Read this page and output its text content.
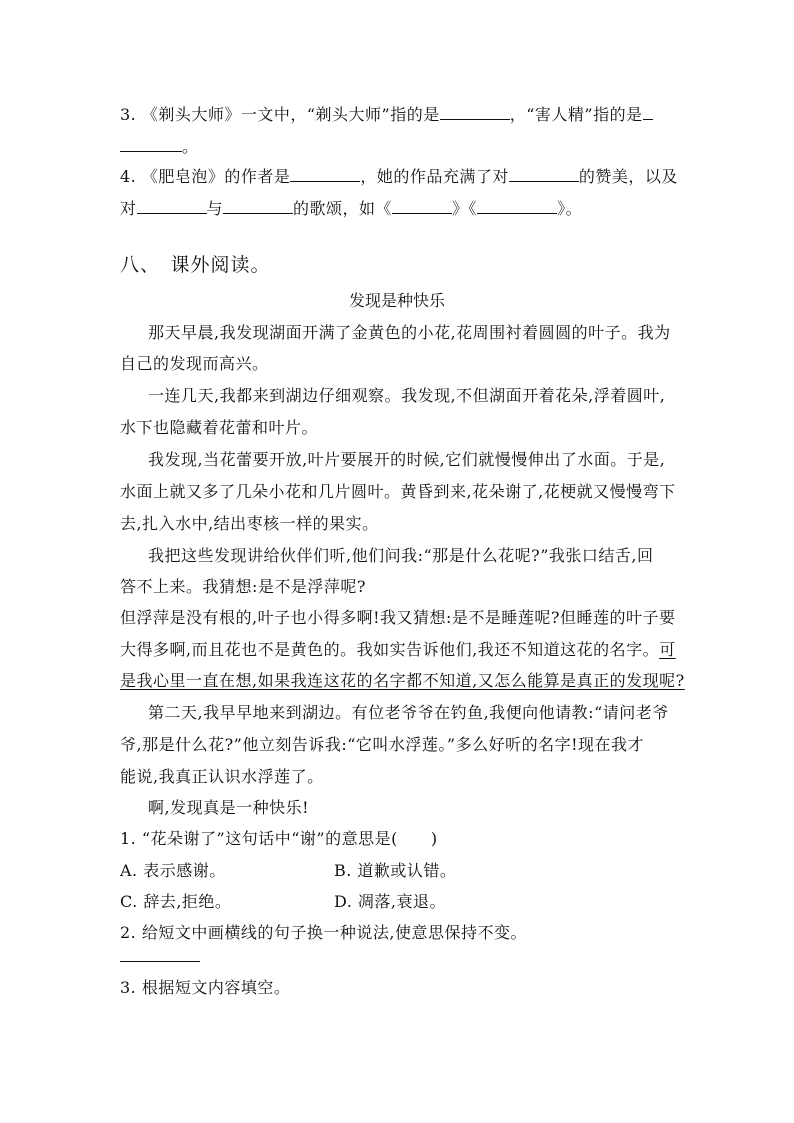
3. 《剃头大师》一文中，“剃头大师”指的是	，“害人精”指的是
。
4. 《肥皂泡》的作者是	，她的作品充满了对	的赞美，以及
对	与	的歌颂，如《	》《	》。
八、　课外阅读。
发现是种快乐
那天早晨,我发现湖面开满了金黄色的小花,花周围衬着圆圆的叶子。我为
自己的发现而高兴。
一连几天,我都来到湖边仔细观察。我发现,不但湖面开着花朵,浮着圆叶,
水下也隐藏着花蕾和叶片。
我发现,当花蕾要开放,叶片要展开的时候,它们就慢慢伸出了水面。于是,
水面上就又多了几朵小花和几片圆叶。黄昏到来,花朵谢了,花梗就又慢慢弯下
去,扎入水中,结出枣核一样的果实。
我把这些发现讲给伙伴们听,他们问我:“那是什么花呢?”我张口结舌,回
答不上来。我猜想:是不是浮萍呢?
但浮萍是没有根的,叶子也小得多啊!我又猜想:是不是睡莲呢?但睡莲的叶子要
大得多啊,而且花也不是黄色的。我如实告诉他们,我还不知道这花的名字。可
是我心里一直在想,如果我连这花的名字都不知道,又怎么能算是真正的发现呢?
第二天,我早早地来到湖边。有位老爷爷在钓鱼,我便向他请教:“请问老爷
爷,那是什么花?”他立刻告诉我:“它叫水浮莲。”多么好听的名字!现在我才
能说,我真正认识水浮莲了。
啊,发现真是一种快乐!
1. “花朵谢了”这句话中“谢”的意思是(　　)
A. 表示感谢。	B. 道歉或认错。
C. 辞去,拒绝。	D. 凋落,衰退。
2. 给短文中画横线的句子换一种说法,使意思保持不变。
3. 根据短文内容填空。
